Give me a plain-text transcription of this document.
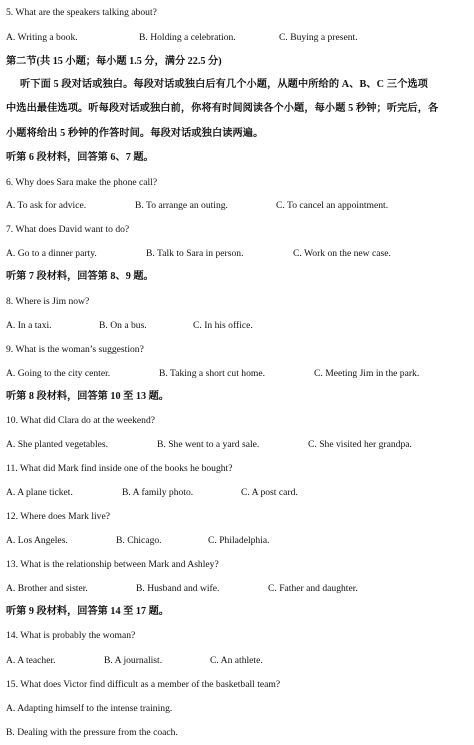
5. What are the speakers talking about?
A. Writing a book.	B. Holding a celebration.	C. Buying a present.
第二节(共 15 小题；每小题 1.5 分，满分 22.5 分)
听下面 5 段对话或独白。每段对话或独白后有几个小题，从题中所给的 A、B、C 三个选项
中选出最佳选项。听每段对话或独白前，你将有时间阅读各个小题，每小题 5 秒钟；听完后，各
小题将给出 5 秒钟的作答时间。每段对话或独白读两遍。
听第 6 段材料，回答第 6、7 题。
6. Why does Sara make the phone call?
A. To ask for advice.	B. To arrange an outing.	C. To cancel an appointment.
7. What does David want to do?
A. Go to a dinner party.	B. Talk to Sara in person.	C. Work on the new case.
听第 7 段材料，回答第 8、9 题。
8. Where is Jim now?
A. In a taxi.	B. On a bus.	C. In his office.
9. What is the woman’s suggestion?
A. Going to the city center.	B. Taking a short cut home.	C. Meeting Jim in the park.
听第 8 段材料，回答第 10 至 13 题。
10. What did Clara do at the weekend?
A. She planted vegetables.	B. She went to a yard sale.	C. She visited her grandpa.
11. What did Mark find inside one of the books he bought?
A. A plane ticket.	B. A family photo.	C. A post card.
12. Where does Mark live?
A. Los Angeles.	B. Chicago.	C. Philadelphia.
13. What is the relationship between Mark and Ashley?
A. Brother and sister.	B. Husband and wife.	C. Father and daughter.
听第 9 段材料，回答第 14 至 17 题。
14. What is probably the woman?
A. A teacher.	B. A journalist.	C. An athlete.
15. What does Victor find difficult as a member of the basketball team?
A. Adapting himself to the intense training.
B. Dealing with the pressure from the coach.
